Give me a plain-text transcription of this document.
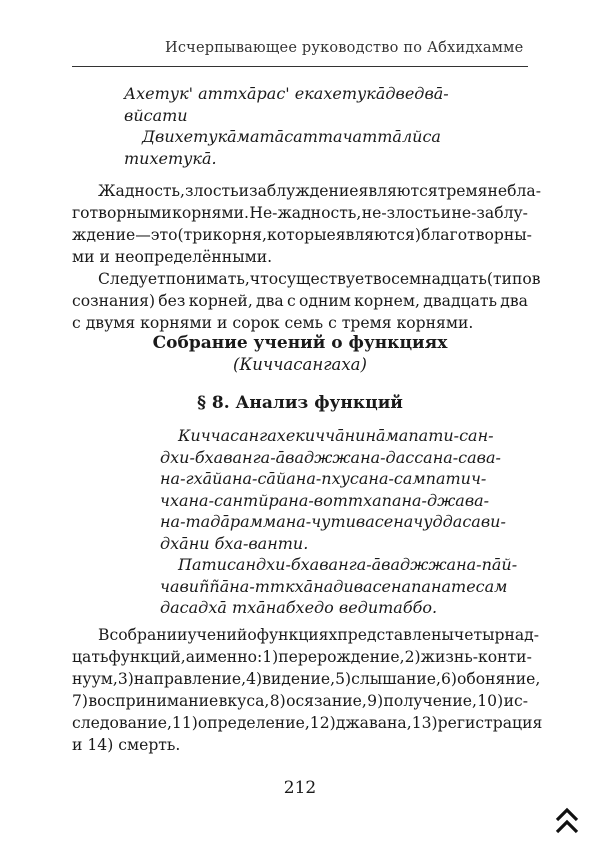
Исчерпывающее руководство по Абхидхамме
Ахетук' аттхāрас' екахетукā две двā-
вйсати
Двихетукā матā саттачаттāлйса
тихетукā.
Жадность, злость и заблуждение являются тремя небла-
готворными корнями. Не-жадность, не-злость и не-заблу-
ждение — это (три корня, которые являются) благотворны-
ми и неопределёнными.
Следует понимать, что существует восемнадцать (типов
сознания) без корней, два с одним корнем, двадцать два
с двумя корнями и сорок семь с тремя корнями.
Собрание учений о функциях
(Киччасангаха)
§ 8. Анализ функций
Киччасангахе киччāни нāма пати-сан-
дхи-бхаванга-āваджжана-дассана-сава-
на-гхāйана-сāйана-пхусана-сампатич-
чхана-сантйрана-воттхапана-джава-
на-тадāраммана-чутивасена чуддасави-
дхāни бха-ванти.
Патисандхи-бхаванга-āваджжана-пāй-
чавиññāна-тткхāнадивасена пана тесам
дасадхā тхāнабхедо ведитаббо.
В собрании учений о функциях представлены четырнад-
цать функций, а именно: 1) перерождение, 2) жизнь-конти-
нуум, 3) направление, 4) видение, 5) слышание, 6) обоняние,
7) воспринимание вкуса, 8) осязание, 9) получение, 10) ис-
следование, 11) определение, 12) джавана, 13) регистрация
и 14) смерть.
212
